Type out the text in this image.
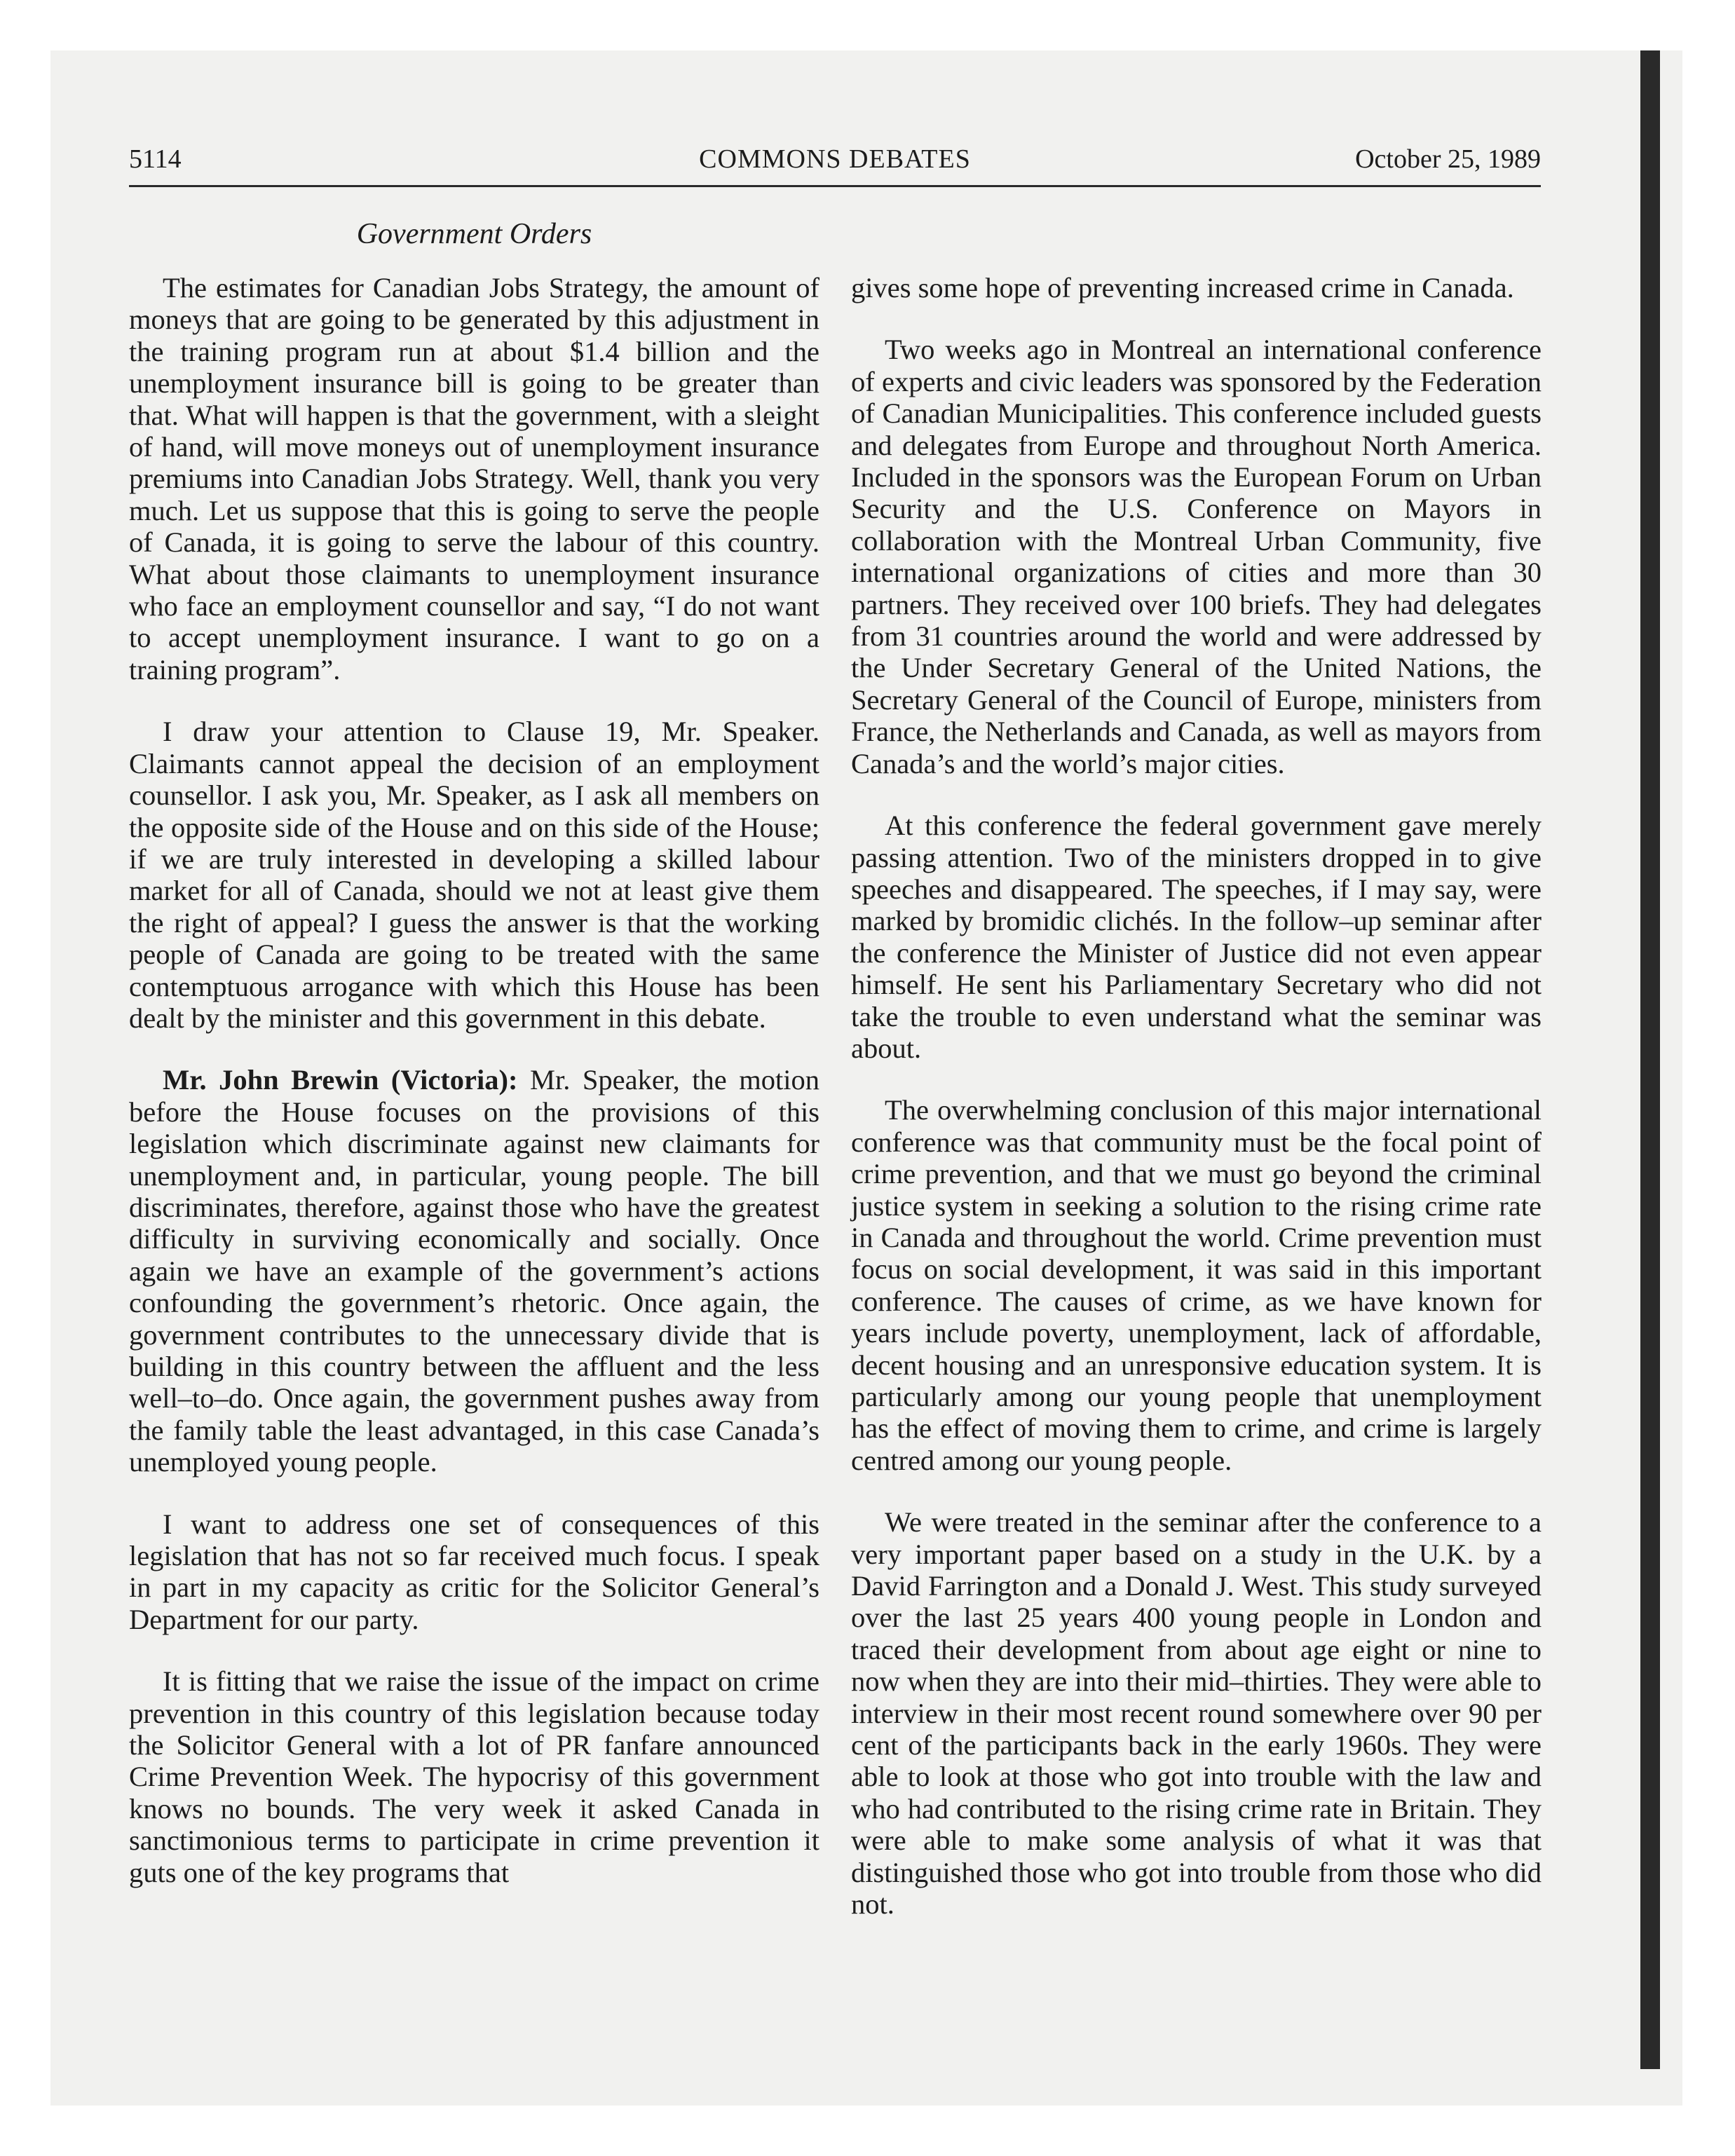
5114	COMMONS DEBATES	October 25, 1989
Government Orders

The estimates for Canadian Jobs Strategy, the amount of moneys that are going to be generated by this adjustment in the training program run at about $1.4 billion and the unemployment insurance bill is going to be greater than that. What will happen is that the government, with a sleight of hand, will move moneys out of unemployment insurance premiums into Canadian Jobs Strategy. Well, thank you very much. Let us suppose that this is going to serve the people of Canada, it is going to serve the labour of this country. What about those claimants to unemployment insurance who face an employment counsellor and say, “I do not want to accept unemployment insurance. I want to go on a training program”.

I draw your attention to Clause 19, Mr. Speaker. Claimants cannot appeal the decision of an employment counsellor. I ask you, Mr. Speaker, as I ask all members on the opposite side of the House and on this side of the House; if we are truly interested in developing a skilled labour market for all of Canada, should we not at least give them the right of appeal? I guess the answer is that the working people of Canada are going to be treated with the same contemptuous arrogance with which this House has been dealt by the minister and this government in this debate.

Mr. John Brewin (Victoria): Mr. Speaker, the motion before the House focuses on the provisions of this legislation which discriminate against new claimants for unemployment and, in particular, young people. The bill discriminates, therefore, against those who have the greatest difficulty in surviving economically and socially. Once again we have an example of the government’s actions confounding the government’s rhetoric. Once again, the government contributes to the unnecessary divide that is building in this country between the affluent and the less well–to–do. Once again, the government pushes away from the family table the least advantaged, in this case Canada’s unemployed young people.

I want to address one set of consequences of this legislation that has not so far received much focus. I speak in part in my capacity as critic for the Solicitor General’s Department for our party.

It is fitting that we raise the issue of the impact on crime prevention in this country of this legislation because today the Solicitor General with a lot of PR fanfare announced Crime Prevention Week. The hypocrisy of this government knows no bounds. The very week it asked Canada in sanctimonious terms to participate in crime prevention it guts one of the key programs that

gives some hope of preventing increased crime in Canada.

Two weeks ago in Montreal an international conference of experts and civic leaders was sponsored by the Federation of Canadian Municipalities. This conference included guests and delegates from Europe and throughout North America. Included in the sponsors was the European Forum on Urban Security and the U.S. Conference on Mayors in collaboration with the Montreal Urban Community, five international organizations of cities and more than 30 partners. They received over 100 briefs. They had delegates from 31 countries around the world and were addressed by the Under Secretary General of the United Nations, the Secretary General of the Council of Europe, ministers from France, the Netherlands and Canada, as well as mayors from Canada’s and the world’s major cities.

At this conference the federal government gave merely passing attention. Two of the ministers dropped in to give speeches and disappeared. The speeches, if I may say, were marked by bromidic clichés. In the follow–up seminar after the conference the Minister of Justice did not even appear himself. He sent his Parliamentary Secretary who did not take the trouble to even understand what the seminar was about.

The overwhelming conclusion of this major international conference was that community must be the focal point of crime prevention, and that we must go beyond the criminal justice system in seeking a solution to the rising crime rate in Canada and throughout the world. Crime prevention must focus on social development, it was said in this important conference. The causes of crime, as we have known for years include poverty, unemployment, lack of affordable, decent housing and an unresponsive education system. It is particularly among our young people that unemployment has the effect of moving them to crime, and crime is largely centred among our young people.

We were treated in the seminar after the conference to a very important paper based on a study in the U.K. by a David Farrington and a Donald J. West. This study surveyed over the last 25 years 400 young people in London and traced their development from about age eight or nine to now when they are into their mid–thirties. They were able to interview in their most recent round somewhere over 90 per cent of the participants back in the early 1960s. They were able to look at those who got into trouble with the law and who had contributed to the rising crime rate in Britain. They were able to make some analysis of what it was that distinguished those who got into trouble from those who did not.
